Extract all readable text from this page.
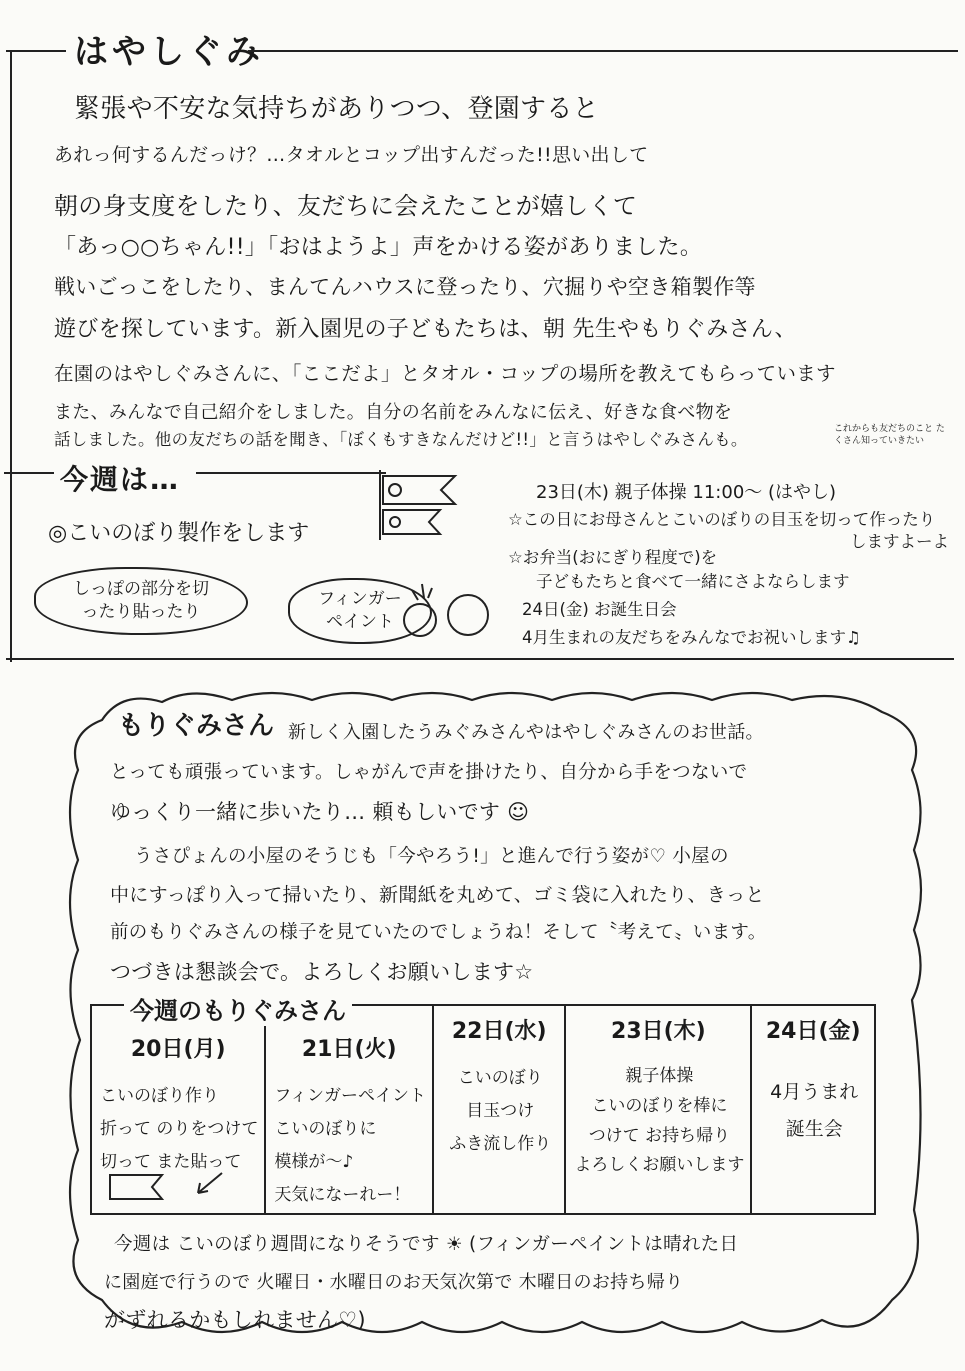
はやしぐみ
緊張や不安な気持ちがありつつ、登園すると
あれっ何するんだっけ？…タオルとコップ出すんだった!!思い出して
朝の身支度をしたり、友だちに会えたことが嬉しくて
「あっ○○ちゃん!!」「おはようよ」声をかける姿がありました。
戦いごっこをしたり、まんてんハウスに登ったり、穴掘りや空き箱製作等
遊びを探しています。新入園児の子どもたちは、朝 先生やもりぐみさん、
在園のはやしぐみさんに、「ここだよ」とタオル・コップの場所を教えてもらっています
また、みんなで自己紹介をしました。自分の名前をみんなに伝え、好きな食べ物を
話しました。他の友だちの話を聞き、「ぼくもすきなんだけど!!」と言うはやしぐみさんも。
これからも友だちのこと たくさん知っていきたい
今週は…
◎こいのぼり製作をします
しっぽの部分を切ったり貼ったり
フィンガーペイント
23日(木) 親子体操 11:00〜 (はやし)
☆この日にお母さんとこいのぼりの目玉を切って作ったり
しますよーよ
☆お弁当(おにぎり程度で)を
子どもたちと食べて一緒にさよならします
24日(金) お誕生日会
4月生まれの友だちをみんなでお祝いします♫
もりぐみさん 新しく入園したうみぐみさんやはやしぐみさんのお世話。
とっても頑張っています。しゃがんで声を掛けたり、自分から手をつないで
ゆっくり一緒に歩いたり… 頼もしいです ☺
うさぴょんの小屋のそうじも「今やろう!」と進んで行う姿が♡ 小屋の
中にすっぽり入って掃いたり、新聞紙を丸めて、ゴミ袋に入れたり、きっと
前のもりぐみさんの様子を見ていたのでしょうね！そして〝考えて〟います。
つづきは懇談会で。よろしくお願いします☆
20日(月)
こいのぼり作り
折って のりをつけて
切って また貼って

21日(火)
フィンガーペイント
こいのぼりに
模様が〜♪
天気になーれー！

22日(水)
こいのぼり
目玉つけ
ふき流し作り

23日(木)
親子体操
こいのぼりを棒に
つけて お持ち帰り
よろしくお願いします

24日(金)
4月うまれ
誕生会
今週のもりぐみさん
今週は こいのぼり週間になりそうです ☀ (フィンガーペイントは晴れた日
に園庭で行うので 火曜日・水曜日のお天気次第で 木曜日のお持ち帰り
がずれるかもしれません♡)
